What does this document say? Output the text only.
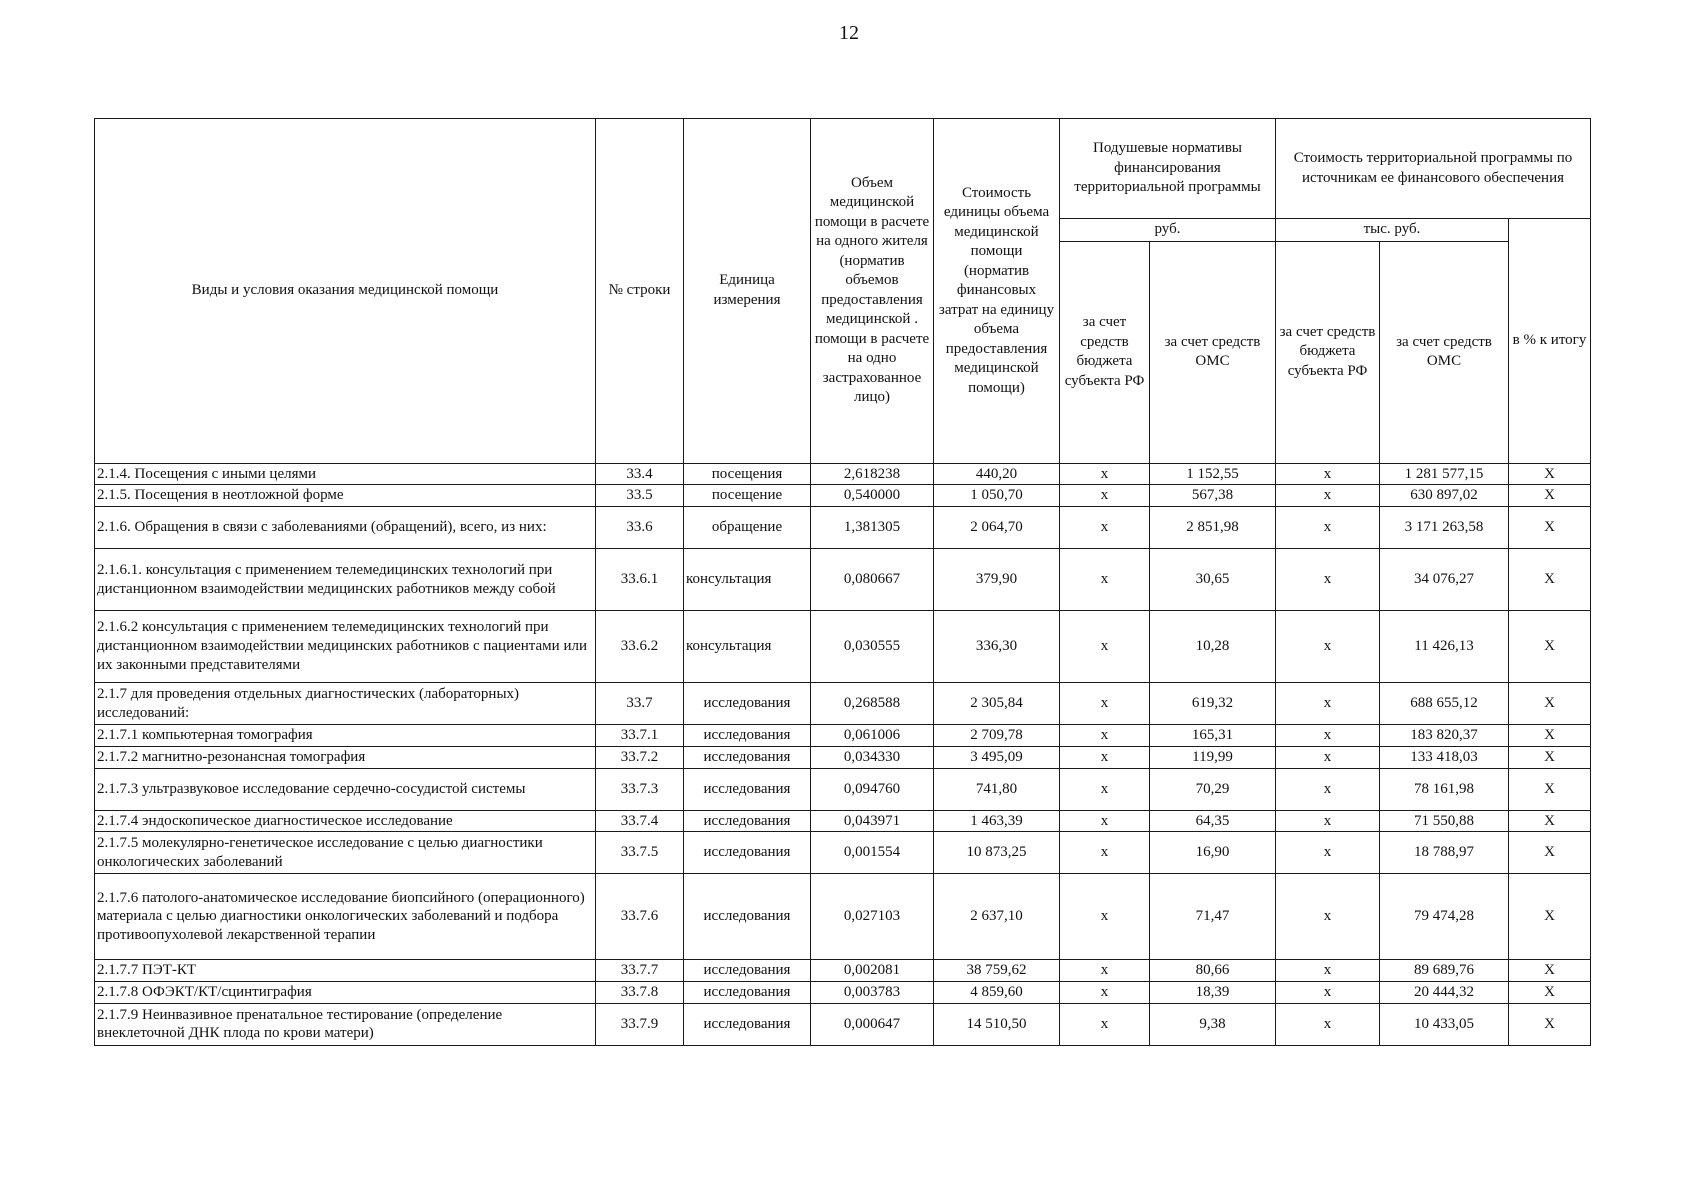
12
Виды и условия оказания медицинской помощи	№ строки	Единица измерения	Объем медицинской помощи в расчете на одного жителя (норматив объемов предоставления медицинской . помощи в расчете на одно застрахованное лицо)	Стоимость единицы объема медицинской помощи (норматив финансовых затрат на единицу объема предоставления медицинской помощи)	Подушевые нормативы финансирования территориальной программы		Стоимость территориальной программы по источникам ее финансового обеспечения		
					руб.		тыс. руб.		в % к итогу
					за счет средств бюджета субъекта РФ	за счет средств ОМС	за счет средств бюджета субъекта РФ	за счет средств ОМС	
2.1.4. Посещения с иными целями	33.4	посещения	2,618238	440,20	x	1 152,55	x	1 281 577,15	X
2.1.5. Посещения в неотложной форме	33.5	посещение	0,540000	1 050,70	x	567,38	x	630 897,02	X
2.1.6. Обращения в связи с заболеваниями (обращений), всего, из них:	33.6	обращение	1,381305	2 064,70	x	2 851,98	x	3 171 263,58	X
2.1.6.1. консультация с применением телемедицинских технологий при дистанционном взаимодействии медицинских работников между собой	33.6.1	консультация	0,080667	379,90	x	30,65	x	34 076,27	X
2.1.6.2 консультация с применением телемедицинских технологий при дистанционном взаимодействии медицинских работников с пациентами или их законными представителями	33.6.2	консультация	0,030555	336,30	x	10,28	x	11 426,13	X
2.1.7 для проведения отдельных диагностических (лабораторных) исследований:	33.7	исследования	0,268588	2 305,84	x	619,32	x	688 655,12	X
2.1.7.1 компьютерная томография	33.7.1	исследования	0,061006	2 709,78	x	165,31	x	183 820,37	X
2.1.7.2 магнитно-резонансная томография	33.7.2	исследования	0,034330	3 495,09	x	119,99	x	133 418,03	X
2.1.7.3 ультразвуковое исследование сердечно-сосудистой системы	33.7.3	исследования	0,094760	741,80	x	70,29	x	78 161,98	X
2.1.7.4 эндоскопическое диагностическое исследование	33.7.4	исследования	0,043971	1 463,39	x	64,35	x	71 550,88	X
2.1.7.5 молекулярно-генетическое исследование с целью диагностики онкологических заболеваний	33.7.5	исследования	0,001554	10 873,25	x	16,90	x	18 788,97	X
2.1.7.6 патолого-анатомическое исследование биопсийного (операционного) материала с целью диагностики онкологических заболеваний и подбора противоопухолевой лекарственной терапии	33.7.6	исследования	0,027103	2 637,10	x	71,47	x	79 474,28	X
2.1.7.7 ПЭТ-КТ	33.7.7	исследования	0,002081	38 759,62	x	80,66	x	89 689,76	X
2.1.7.8 ОФЭКТ/КТ/сцинтиграфия	33.7.8	исследования	0,003783	4 859,60	x	18,39	x	20 444,32	X
2.1.7.9 Неинвазивное пренатальное тестирование (определение внеклеточной ДНК плода по крови матери)	33.7.9	исследования	0,000647	14 510,50	x	9,38	x	10 433,05	X
